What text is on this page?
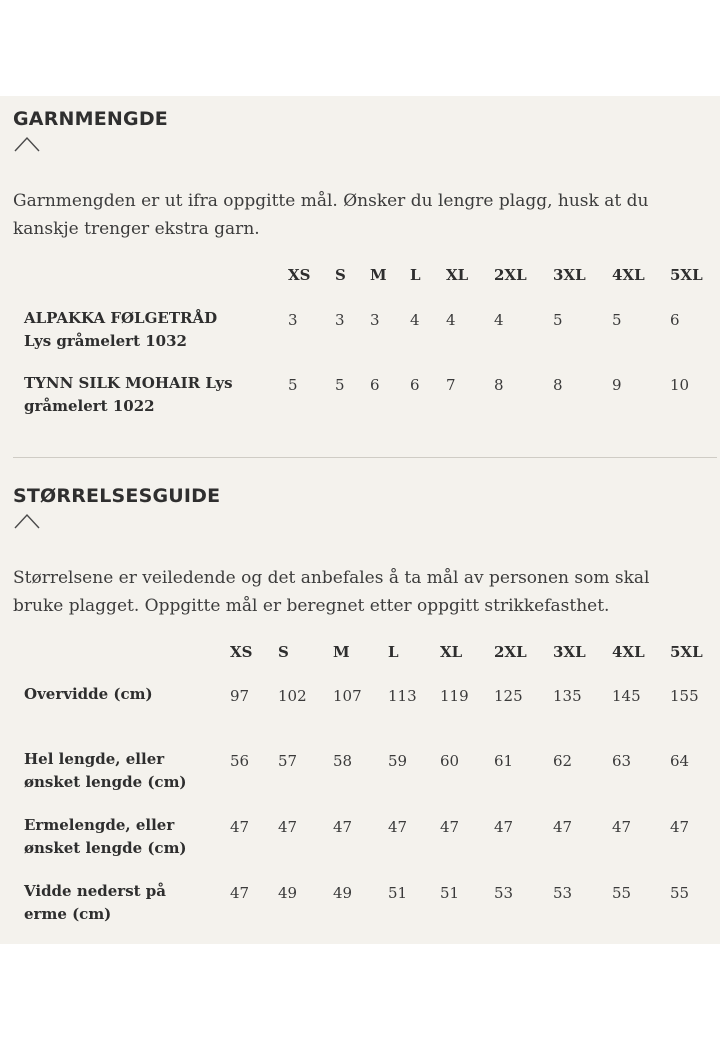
GARNMENGDE

Garnmengden er ut ifra oppgitte mål. Ønsker du lengre plagg, husk at du kanskje trenger ekstra garn.

XS S M L XL 2XL 3XL 4XL 5XL
ALPAKKA FØLGETRÅD
Lys gråmelert 1032
3 3 3 4 4	4	5	5	6
TYNN SILK MOHAIR Lys
gråmelert 1022
5 5 6 6 7	8	8	9	10
STØRRELSESGUIDE

Størrelsene er veiledende og det anbefales å ta mål av personen som skal bruke plagget. Oppgitte mål er beregnet etter oppgitt strikkefasthet.

XS S	M	L	XL 2XL 3XL 4XL 5XL
Overvidde (cm)	97 102 107 113 119 125 135 145 155
Hel lengde, eller
ønsket lengde (cm)
56 57 58 59 60 61	62	63	64
Ermelengde, eller
ønsket lengde (cm)
47 47 47 47 47 47	47	47	47
Vidde nederst på
erme (cm)
47 49 49 51 51 53	53	55	55
